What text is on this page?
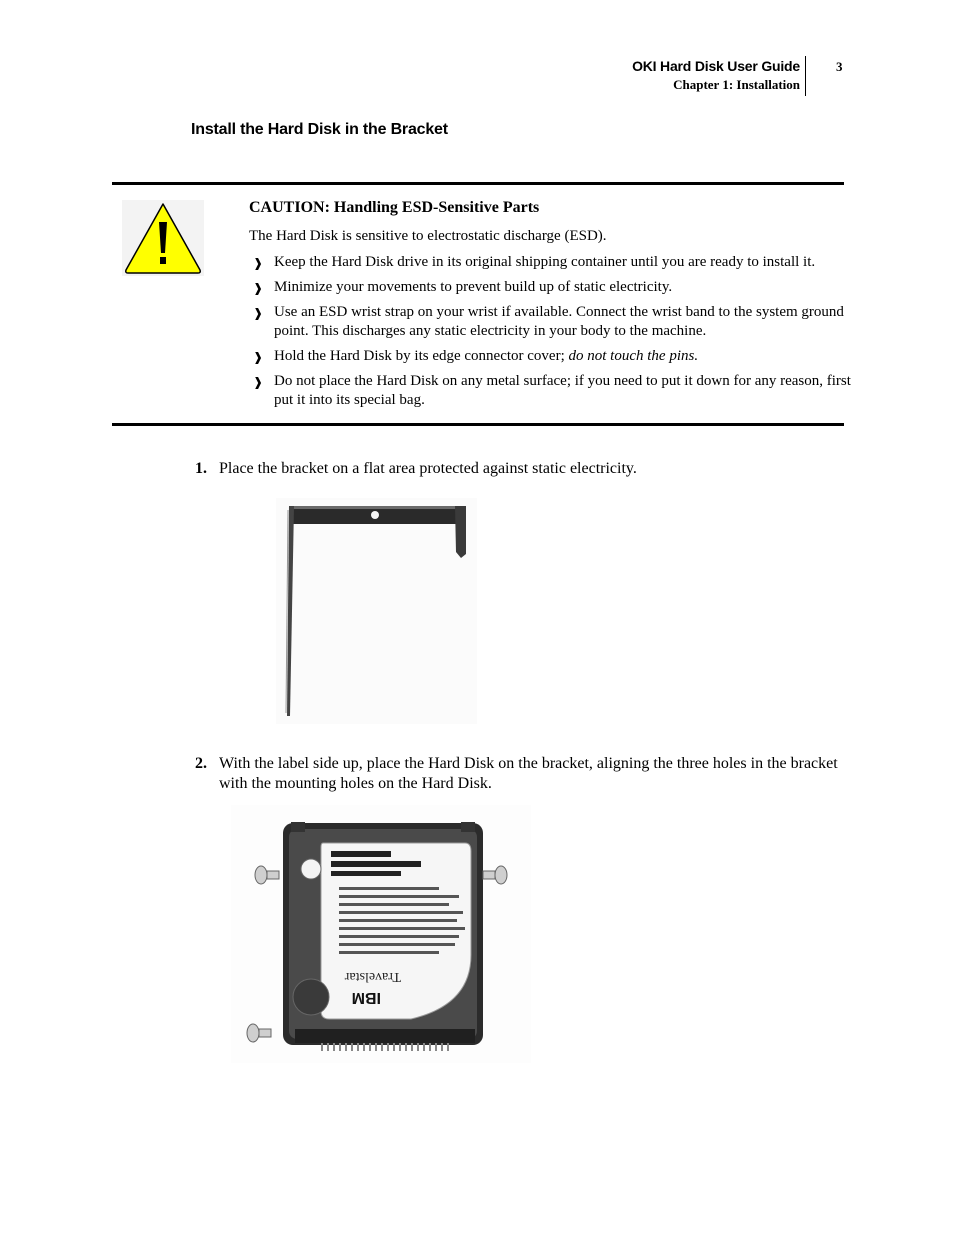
OKI Hard Disk User Guide
Chapter 1: Installation
3
Install the Hard Disk in the Bracket
CAUTION: Handling ESD-Sensitive Parts
The Hard Disk is sensitive to electrostatic discharge (ESD).
❱ Keep the Hard Disk drive in its original shipping container until you are ready to install it.
❱ Minimize your movements to prevent build up of static electricity.
❱ Use an ESD wrist strap on your wrist if available. Connect the wrist band to the system ground point. This discharges any static electricity in your body to the machine.
❱ Hold the Hard Disk by its edge connector cover; do not touch the pins.
❱ Do not place the Hard Disk on any metal surface; if you need to put it down for any reason, first put it into its special bag.
1. Place the bracket on a flat area protected against static electricity.
2. With the label side up, place the Hard Disk on the bracket, aligning the three holes in the bracket with the mounting holes on the Hard Disk.
Travelstar
IBM
